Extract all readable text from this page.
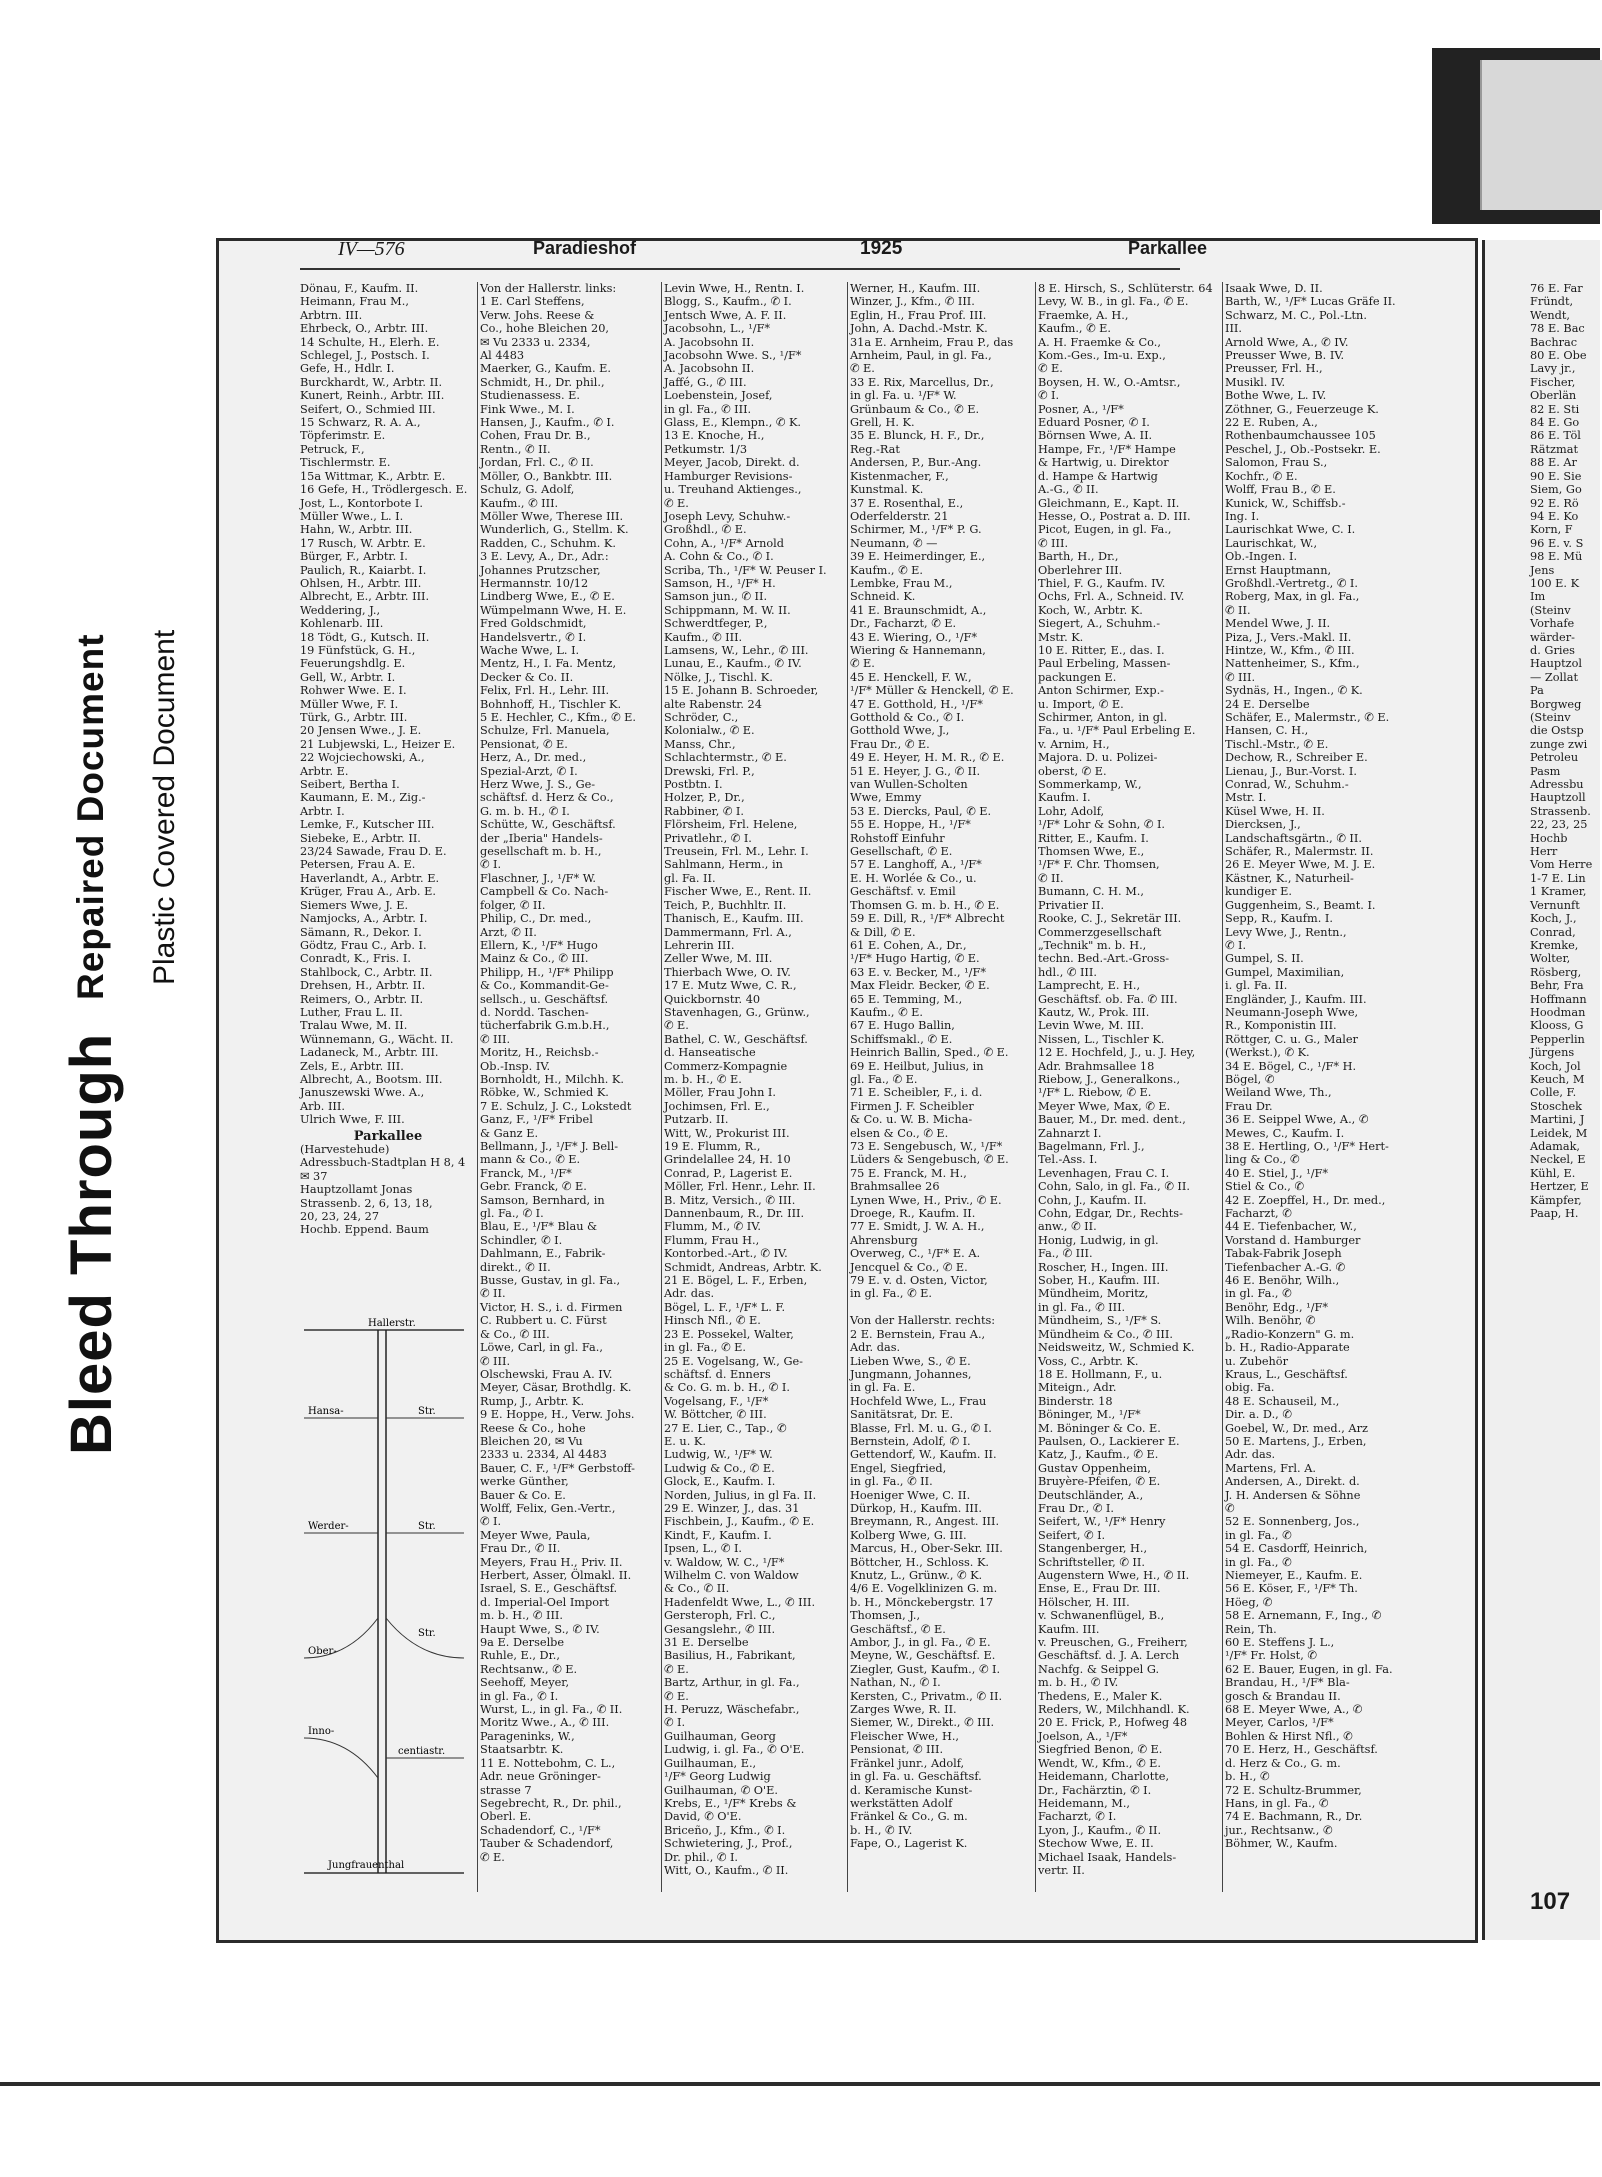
Bleed Through
Repaired Document Plastic Covered Document
IV—576	Paradieshof	1925	Parkallee
Dönau, F., Kaufm. II.
Heimann, Frau M.,
Arbtrn. III.
Ehrbeck, O., Arbtr. III.
14 Schulte, H., Elerh. E.
Schlegel, J., Postsch. I.
Gefe, H., Hdlr. I.
Burckhardt, W., Arbtr. II.
Kunert, Reinh., Arbtr. III.
Seifert, O., Schmied III.
15 Schwarz, R. A. A.,
Töpferimstr. E.
Petruck, F.,
Tischlermstr. E.
15a Wittmar, K., Arbtr. E.
16 Gefe, H., Trödlergesch. E.
Jost, L., Kontorbote I.
Müller Wwe., L. I.
Hahn, W., Arbtr. III.
17 Rusch, W. Arbtr. E.
Bürger, F., Arbtr. I.
Paulich, R., Kaiarbt. I.
Ohlsen, H., Arbtr. III.
Albrecht, E., Arbtr. III.
Weddering, J.,
Kohlenarb. III.
18 Tödt, G., Kutsch. II.
19 Fünfstück, G. H.,
Feuerungshdlg. E.
Gell, W., Arbtr. I.
Rohwer Wwe. E. I.
Müller Wwe, F. I.
Türk, G., Arbtr. III.
20 Jensen Wwe., J. E.
21 Lubjewski, L., Heizer E.
22 Wojciechowski, A.,
Arbtr. E.
Seibert, Bertha I.
Kaumann, E. M., Zig.-
Arbtr. I.
Lemke, F., Kutscher III.
Siebeke, E., Arbtr. II.
23/24 Sawade, Frau D. E.
Petersen, Frau A. E.
Haverlandt, A., Arbtr. E.
Krüger, Frau A., Arb. E.
Siemers Wwe, J. E.
Namjocks, A., Arbtr. I.
Sämann, R., Dekor. I.
Gödtz, Frau C., Arb. I.
Conradt, K., Fris. I.
Stahlbock, C., Arbtr. II.
Drehsen, H., Arbtr. II.
Reimers, O., Arbtr. II.
Luther, Frau L. II.
Tralau Wwe, M. II.
Wünnemann, G., Wächt. II.
Ladaneck, M., Arbtr. III.
Zels, E., Arbtr. III.
Albrecht, A., Bootsm. III.
Januszewski Wwe. A.,
Arb. III.
Ulrich Wwe, F. III.
Parkallee
(Harvestehude)
Adressbuch-Stadtplan H 8, 4
✉ 37
Hauptzollamt Jonas
Strassenb. 2, 6, 13, 18,
20, 23, 24, 27
Hochb. Eppend. Baum
Von der Hallerstr. links:
1 E. Carl Steffens,
Verw. Johs. Reese &
Co., hohe Bleichen 20,
✉ Vu 2333 u. 2334,
Al 4483
Maerker, G., Kaufm. E.
Schmidt, H., Dr. phil.,
Studienassess. E.
Fink Wwe., M. I.
Hansen, J., Kaufm., ✆ I.
Cohen, Frau Dr. B.,
Rentn., ✆ II.
Jordan, Frl. C., ✆ II.
Möller, O., Bankbtr. III.
Schulz, G. Adolf,
Kaufm., ✆ III.
Möller Wwe, Therese III.
Wunderlich, G., Stellm. K.
Radden, C., Schuhm. K.
3 E. Levy, A., Dr., Adr.:
Johannes Prutzscher,
Hermannstr. 10/12
Lindberg Wwe, E., ✆ E.
Wümpelmann Wwe, H. E.
Fred Goldschmidt,
Handelsvertr., ✆ I.
Wache Wwe, L. I.
Mentz, H., I. Fa. Mentz,
Decker & Co. II.
Felix, Frl. H., Lehr. III.
Bohnhoff, H., Tischler K.
5 E. Hechler, C., Kfm., ✆ E.
Schulze, Frl. Manuela,
Pensionat, ✆ E.
Herz, A., Dr. med.,
Spezial-Arzt, ✆ I.
Herz Wwe, J. S., Ge-
schäftsf. d. Herz & Co.,
G. m. b. H., ✆ I.
Schütte, W., Geschäftsf.
der „Iberia" Handels-
gesellschaft m. b. H.,
✆ I.
Flaschner, J., ¹/F* W.
Campbell & Co. Nach-
folger, ✆ II.
Philip, C., Dr. med.,
Arzt, ✆ II.
Ellern, K., ¹/F* Hugo
Mainz & Co., ✆ III.
Philipp, H., ¹/F* Philipp
& Co., Kommandit-Ge-
sellsch., u. Geschäftsf.
d. Nordd. Taschen-
tücherfabrik G.m.b.H.,
✆ III.
Moritz, H., Reichsb.-
Ob.-Insp. IV.
Bornholdt, H., Milchh. K.
Röbke, W., Schmied K.
7 E. Schulz, J. C., Lokstedt
Ganz, F., ¹/F* Fribel
& Ganz E.
Bellmann, J., ¹/F* J. Bell-
mann & Co., ✆ E.
Franck, M., ¹/F*
Gebr. Franck, ✆ E.
Samson, Bernhard, in
gl. Fa., ✆ I.
Blau, E., ¹/F* Blau &
Schindler, ✆ I.
Dahlmann, E., Fabrik-
direkt., ✆ II.
Busse, Gustav, in gl. Fa.,
✆ II.
Victor, H. S., i. d. Firmen
C. Rubbert u. C. Fürst
& Co., ✆ III.
Löwe, Carl, in gl. Fa.,
✆ III.
Olschewski, Frau A. IV.
Meyer, Cäsar, Brothdlg. K.
Rump, J., Arbtr. K.
9 E. Hoppe, H., Verw. Johs.
Reese & Co., hohe
Bleichen 20, ✉ Vu
2333 u. 2334, Al 4483
Bauer, C. F., ¹/F* Gerbstoff-
werke Günther,
Bauer & Co. E.
Wolff, Felix, Gen.-Vertr.,
✆ I.
Meyer Wwe, Paula,
Frau Dr., ✆ II.
Meyers, Frau H., Priv. II.
Herbert, Asser, Ölmakl. II.
Israel, S. E., Geschäftsf.
d. Imperial-Oel Import
m. b. H., ✆ III.
Haupt Wwe, S., ✆ IV.
9a E. Derselbe
Ruhle, E., Dr.,
Rechtsanw., ✆ E.
Seehoff, Meyer,
in gl. Fa., ✆ I.
Wurst, L., in gl. Fa., ✆ II.
Moritz Wwe., A., ✆ III.
Parageninks, W.,
Staatsarbtr. K.
11 E. Nottebohm, C. L.,
Adr. neue Gröninger-
strasse 7
Segebrecht, R., Dr. phil.,
Oberl. E.
Schadendorf, C., ¹/F*
Tauber & Schadendorf,
✆ E.
Levin Wwe, H., Rentn. I.
Blogg, S., Kaufm., ✆ I.
Jentsch Wwe, A. F. II.
Jacobsohn, L., ¹/F*
A. Jacobsohn II.
Jacobsohn Wwe. S., ¹/F*
A. Jacobsohn II.
Jaffé, G., ✆ III.
Loebenstein, Josef,
in gl. Fa., ✆ III.
Glass, E., Klempn., ✆ K.
13 E. Knoche, H.,
Petkumstr. 1/3
Meyer, Jacob, Direkt. d.
Hamburger Revisions-
u. Treuhand Aktienges.,
✆ E.
Joseph Levy, Schuhw.-
Großhdl., ✆ E.
Cohn, A., ¹/F* Arnold
A. Cohn & Co., ✆ I.
Scriba, Th., ¹/F* W. Peuser I.
Samson, H., ¹/F* H.
Samson jun., ✆ II.
Schippmann, M. W. II.
Schwerdtfeger, P.,
Kaufm., ✆ III.
Lamsens, W., Lehr., ✆ III.
Lunau, E., Kaufm., ✆ IV.
Nölke, J., Tischl. K.
15 E. Johann B. Schroeder,
alte Rabenstr. 24
Schröder, C.,
Kolonialw., ✆ E.
Manss, Chr.,
Schlachtermstr., ✆ E.
Drewski, Frl. P.,
Postbtn. I.
Holzer, P., Dr.,
Rabbiner, ✆ I.
Flörsheim, Frl. Helene,
Privatlehr., ✆ I.
Treusein, Frl. M., Lehr. I.
Sahlmann, Herm., in
gl. Fa. II.
Fischer Wwe, E., Rent. II.
Teich, P., Buchhltr. II.
Thanisch, E., Kaufm. III.
Dammermann, Frl. A.,
Lehrerin III.
Zeller Wwe, M. III.
Thierbach Wwe, O. IV.
17 E. Mutz Wwe, C. R.,
Quickbornstr. 40
Stavenhagen, G., Grünw.,
✆ E.
Bathel, C. W., Geschäftsf.
d. Hanseatische
Commerz-Kompagnie
m. b. H., ✆ E.
Möller, Frau John I.
Jochimsen, Frl. E.,
Putzarb. II.
Witt, W., Prokurist III.
19 E. Flumm, R.,
Grindelallee 24, H. 10
Conrad, P., Lagerist E.
Möller, Frl. Henr., Lehr. II.
B. Mitz, Versich., ✆ III.
Dannenbaum, R., Dr. III.
Flumm, M., ✆ IV.
Flumm, Frau H.,
Kontorbed.-Art., ✆ IV.
Schmidt, Andreas, Arbtr. K.
21 E. Bögel, L. F., Erben,
Adr. das.
Bögel, L. F., ¹/F* L. F.
Hinsch Nfl., ✆ E.
23 E. Possekel, Walter,
in gl. Fa., ✆ E.
25 E. Vogelsang, W., Ge-
schäftsf. d. Enners
& Co. G. m. b. H., ✆ I.
Vogelsang, F., ¹/F*
W. Böttcher, ✆ III.
27 E. Lier, C., Tap., ✆
E. u. K.
Ludwig, W., ¹/F* W.
Ludwig & Co., ✆ E.
Glock, E., Kaufm. I.
Norden, Julius, in gl Fa. II.
29 E. Winzer, J., das. 31
Fischbein, J., Kaufm., ✆ E.
Kindt, F., Kaufm. I.
Ipsen, L., ✆ I.
v. Waldow, W. C., ¹/F*
Wilhelm C. von Waldow
& Co., ✆ II.
Hadenfeldt Wwe, L., ✆ III.
Gersteroph, Frl. C.,
Gesangslehr., ✆ III.
31 E. Derselbe
Basilius, H., Fabrikant,
✆ E.
Bartz, Arthur, in gl. Fa.,
✆ E.
H. Peruzz, Wäschefabr.,
✆ I.
Guilhauman, Georg
Ludwig, i. gl. Fa., ✆ O'E.
Guilhauman, E.,
¹/F* Georg Ludwig
Guilhauman, ✆ O'E.
Krebs, E., ¹/F* Krebs &
David, ✆ O'E.
Briceño, J., Kfm., ✆ I.
Schwietering, J., Prof.,
Dr. phil., ✆ I.
Witt, O., Kaufm., ✆ II.
Werner, H., Kaufm. III.
Winzer, J., Kfm., ✆ III.
Eglin, H., Frau Prof. III.
John, A. Dachd.-Mstr. K.
31a E. Arnheim, Frau P., das
Arnheim, Paul, in gl. Fa.,
✆ E.
33 E. Rix, Marcellus, Dr.,
in gl. Fa. u. ¹/F* W.
Grünbaum & Co., ✆ E.
Grell, H. K.
35 E. Blunck, H. F., Dr.,
Reg.-Rat
Andersen, P., Bur.-Ang.
Kistenmacher, F.,
Kunstmal. K.
37 E. Rosenthal, E.,
Oderfelderstr. 21
Schirmer, M., ¹/F* P. G.
Neumann, ✆ —
39 E. Heimerdinger, E.,
Kaufm., ✆ E.
Lembke, Frau M.,
Schneid. K.
41 E. Braunschmidt, A.,
Dr., Facharzt, ✆ E.
43 E. Wiering, O., ¹/F*
Wiering & Hannemann,
✆ E.
45 E. Henckell, F. W.,
¹/F* Müller & Henckell, ✆ E.
47 E. Gotthold, H., ¹/F*
Gotthold & Co., ✆ I.
Gotthold Wwe, J.,
Frau Dr., ✆ E.
49 E. Heyer, H. M. R., ✆ E.
51 E. Heyer, J. G., ✆ II.
van Wullen-Scholten
Wwe, Emmy
53 E. Diercks, Paul, ✆ E.
55 E. Hoppe, H., ¹/F*
Rohstoff Einfuhr
Gesellschaft, ✆ E.
57 E. Langhoff, A., ¹/F*
E. H. Worlée & Co., u.
Geschäftsf. v. Emil
Thomsen G. m. b. H., ✆ E.
59 E. Dill, R., ¹/F* Albrecht
& Dill, ✆ E.
61 E. Cohen, A., Dr.,
¹/F* Hugo Hartig, ✆ E.
63 E. v. Becker, M., ¹/F*
Max Fleidr. Becker, ✆ E.
65 E. Temming, M.,
Kaufm., ✆ E.
67 E. Hugo Ballin,
Schiffsmakl., ✆ E.
Heinrich Ballin, Sped., ✆ E.
69 E. Heilbut, Julius, in
gl. Fa., ✆ E.
71 E. Scheibler, F., i. d.
Firmen J. F. Scheibler
& Co. u. W. B. Micha-
elsen & Co., ✆ E.
73 E. Sengebusch, W., ¹/F*
Lüders & Sengebusch, ✆ E.
75 E. Franck, M. H.,
Brahmsallee 26
Lynen Wwe, H., Priv., ✆ E.
Droege, R., Kaufm. II.
77 E. Smidt, J. W. A. H.,
Ahrensburg
Overweg, C., ¹/F* E. A.
Jencquel & Co., ✆ E.
79 E. v. d. Osten, Victor,
in gl. Fa., ✆ E.

Von der Hallerstr. rechts:
2 E. Bernstein, Frau A.,
Adr. das.
Lieben Wwe, S., ✆ E.
Jungmann, Johannes,
in gl. Fa. E.
Hochfeld Wwe, L., Frau
Sanitätsrat, Dr. E.
Blasse, Frl. M. u. G., ✆ I.
Bernstein, Adolf, ✆ I.
Gettendorf, W., Kaufm. II.
Engel, Siegfried,
in gl. Fa., ✆ II.
Hoeniger Wwe, C. II.
Dürkop, H., Kaufm. III.
Breymann, R., Angest. III.
Kolberg Wwe, G. III.
Marcus, H., Ober-Sekr. III.
Böttcher, H., Schloss. K.
Knutz, L., Grünw., ✆ K.
4/6 E. Vogelklinizen G. m.
b. H., Mönckebergstr. 17
Thomsen, J.,
Geschäftsf., ✆ E.
Ambor, J., in gl. Fa., ✆ E.
Meyne, W., Geschäftsf. E.
Ziegler, Gust, Kaufm., ✆ I.
Nathan, N., ✆ I.
Kersten, C., Privatm., ✆ II.
Zarges Wwe, R. II.
Siemer, W., Direkt., ✆ III.
Fleischer Wwe, H.,
Pensionat, ✆ III.
Fränkel junr., Adolf,
in gl. Fa. u. Geschäftsf.
d. Keramische Kunst-
werkstätten Adolf
Fränkel & Co., G. m.
b. H., ✆ IV.
Fape, O., Lagerist K.
8 E. Hirsch, S., Schlüterstr. 64
Levy, W. B., in gl. Fa., ✆ E.
Fraemke, A. H.,
Kaufm., ✆ E.
A. H. Fraemke & Co.,
Kom.-Ges., Im-u. Exp.,
✆ E.
Boysen, H. W., O.-Amtsr.,
✆ I.
Posner, A., ¹/F*
Eduard Posner, ✆ I.
Börnsen Wwe, A. II.
Hampe, Fr., ¹/F* Hampe
& Hartwig, u. Direktor
d. Hampe & Hartwig
A.-G., ✆ II.
Gleichmann, E., Kapt. II.
Hesse, O., Postrat a. D. III.
Picot, Eugen, in gl. Fa.,
✆ III.
Barth, H., Dr.,
Oberlehrer III.
Thiel, F. G., Kaufm. IV.
Ochs, Frl. A., Schneid. IV.
Koch, W., Arbtr. K.
Siegert, A., Schuhm.-
Mstr. K.
10 E. Ritter, E., das. I.
Paul Erbeling, Massen-
packungen E.
Anton Schirmer, Exp.-
u. Import, ✆ E.
Schirmer, Anton, in gl.
Fa., u. ¹/F* Paul Erbeling E.
v. Arnim, H.,
Majora. D. u. Polizei-
oberst, ✆ E.
Sommerkamp, W.,
Kaufm. I.
Lohr, Adolf,
¹/F* Lohr & Sohn, ✆ I.
Ritter, E., Kaufm. I.
Thomsen Wwe, E.,
¹/F* F. Chr. Thomsen,
✆ II.
Bumann, C. H. M.,
Privatier II.
Rooke, C. J., Sekretär III.
Commerzgesellschaft
„Technik" m. b. H.,
techn. Bed.-Art.-Gross-
hdl., ✆ III.
Lamprecht, E. H.,
Geschäftsf. ob. Fa. ✆ III.
Kautz, W., Prok. III.
Levin Wwe, M. III.
Nissen, L., Tischler K.
12 E. Hochfeld, J., u. J. Hey,
Adr. Brahmsallee 18
Riebow, J., Generalkons.,
¹/F* L. Riebow, ✆ E.
Meyer Wwe, Max, ✆ E.
Bauer, M., Dr. med. dent.,
Zahnarzt I.
Bagelmann, Frl. J.,
Tel.-Ass. I.
Levenhagen, Frau C. I.
Cohn, Salo, in gl. Fa., ✆ II.
Cohn, J., Kaufm. II.
Cohn, Edgar, Dr., Rechts-
anw., ✆ II.
Honig, Ludwig, in gl.
Fa., ✆ III.
Roscher, H., Ingen. III.
Sober, H., Kaufm. III.
Mündheim, Moritz,
in gl. Fa., ✆ III.
Mündheim, S., ¹/F* S.
Mündheim & Co., ✆ III.
Neidsweitz, W., Schmied K.
Voss, C., Arbtr. K.
18 E. Hollmann, F., u.
Miteign., Adr.
Binderstr. 18
Böninger, M., ¹/F*
M. Böninger & Co. E.
Paulsen, O., Lackierer E.
Katz, J., Kaufm., ✆ E.
Gustav Oppenheim,
Bruyère-Pfeifen, ✆ E.
Deutschländer, A.,
Frau Dr., ✆ I.
Seifert, W., ¹/F* Henry
Seifert, ✆ I.
Stangenberger, H.,
Schriftsteller, ✆ II.
Augenstern Wwe, H., ✆ II.
Ense, E., Frau Dr. III.
Hölscher, H. III.
v. Schwanenflügel, B.,
Kaufm. III.
v. Preuschen, G., Freiherr,
Geschäftsf. d. J. A. Lerch
Nachfg. & Seippel G.
m. b. H., ✆ IV.
Thedens, E., Maler K.
Reders, W., Milchhandl. K.
20 E. Frick, P., Hofweg 48
Joelson, A., ¹/F*
Siegfried Benon, ✆ E.
Wendt, W., Kfm., ✆ E.
Heidemann, Charlotte,
Dr., Fachärztin, ✆ I.
Heidemann, M.,
Facharzt, ✆ I.
Lyon, J., Kaufm., ✆ II.
Stechow Wwe, E. II.
Michael Isaak, Handels-
vertr. II.
Isaak Wwe, D. II.
Barth, W., ¹/F* Lucas Gräfe II.
Schwarz, M. C., Pol.-Ltn.
III.
Arnold Wwe, A., ✆ IV.
Preusser Wwe, B. IV.
Preusser, Frl. H.,
Musikl. IV.
Bothe Wwe, L. IV.
Zöthner, G., Feuerzeuge K.
22 E. Ruben, A.,
Rothenbaumchaussee 105
Peschel, J., Ob.-Postsekr. E.
Salomon, Frau S.,
Kochfr., ✆ E.
Wolff, Frau B., ✆ E.
Kunick, W., Schiffsb.-
Ing. I.
Laurischkat Wwe, C. I.
Laurischkat, W.,
Ob.-Ingen. I.
Ernst Hauptmann,
Großhdl.-Vertretg., ✆ I.
Roberg, Max, in gl. Fa.,
✆ II.
Mendel Wwe, J. II.
Piza, J., Vers.-Makl. II.
Hintze, W., Kfm., ✆ III.
Nattenheimer, S., Kfm.,
✆ III.
Sydnäs, H., Ingen., ✆ K.
24 E. Derselbe
Schäfer, E., Malermstr., ✆ E.
Hansen, C. H.,
Tischl.-Mstr., ✆ E.
Dechow, R., Schreiber E.
Lienau, J., Bur.-Vorst. I.
Conrad, W., Schuhm.-
Mstr. I.
Küsel Wwe, H. II.
Diercksen, J.,
Landschaftsgärtn., ✆ II.
Schäfer, R., Malermstr. II.
26 E. Meyer Wwe, M. J. E.
Kästner, K., Naturheil-
kundiger E.
Guggenheim, S., Beamt. I.
Sepp, R., Kaufm. I.
Levy Wwe, J., Rentn.,
✆ I.
Gumpel, S. II.
Gumpel, Maximilian,
i. gl. Fa. II.
Engländer, J., Kaufm. III.
Neumann-Joseph Wwe,
R., Komponistin III.
Röttger, C. u. G., Maler
(Werkst.), ✆ K.
34 E. Bögel, C., ¹/F* H.
Bögel, ✆
Weiland Wwe, Th.,
Frau Dr.
36 E. Seippel Wwe, A., ✆
Mewes, C., Kaufm. I.
38 E. Hertling, O., ¹/F* Hert-
ling & Co., ✆
40 E. Stiel, J., ¹/F*
Stiel & Co., ✆
42 E. Zoepffel, H., Dr. med.,
Facharzt, ✆
44 E. Tiefenbacher, W.,
Vorstand d. Hamburger
Tabak-Fabrik Joseph
Tiefenbacher A.-G. ✆
46 E. Benöhr, Wilh.,
in gl. Fa., ✆
Benöhr, Edg., ¹/F*
Wilh. Benöhr, ✆
„Radio-Konzern" G. m.
b. H., Radio-Apparate
u. Zubehör
Kraus, L., Geschäftsf.
obig. Fa.
48 E. Schauseil, M.,
Dir. a. D., ✆
Goebel, W., Dr. med., Arz
50 E. Martens, J., Erben,
Adr. das.
Martens, Frl. A.
Andersen, A., Direkt. d.
J. H. Andersen & Söhne
✆
52 E. Sonnenberg, Jos.,
in gl. Fa., ✆
54 E. Casdorff, Heinrich,
in gl. Fa., ✆
Niemeyer, E., Kaufm. E.
56 E. Köser, F., ¹/F* Th.
Höeg, ✆
58 E. Arnemann, F., Ing., ✆
Rein, Th.
60 E. Steffens J. L.,
¹/F* Fr. Holst, ✆
62 E. Bauer, Eugen, in gl. Fa.
Brandau, H., ¹/F* Bla-
gosch & Brandau II.
68 E. Meyer Wwe, A., ✆
Meyer, Carlos, ¹/F*
Bohlen & Hirst Nfl., ✆
70 E. Herz, H., Geschäftsf.
d. Herz & Co., G. m.
b. H., ✆
72 E. Schultz-Brummer,
Hans, in gl. Fa., ✆
74 E. Bachmann, R., Dr.
jur., Rechtsanw., ✆
Böhmer, W., Kaufm.
Hallerstr.
Hansa-	Str.
Werder-	Str.
Ober-
Str.
Inno-
centiastr.
Jungfrauenthal
76 E. Far
Fründt,
Wendt,
78 E. Bac
Bachrac
80 E. Obe
Lavy jr.,
Fischer,
Oberlän
82 E. Sti
84 E. Go
86 E. Töl
Rätzmat
88 E. Ar
90 E. Sie
Siem, Go
92 E. Rö
94 E. Ko
Korn, F
96 E. v. S
98 E. Mü
Jens
100 E. K
Im
(Steinv
Vorhafe
wärder-
d. Gries
Hauptzol
— Zollat
Pa
Borgweg
(Steinv
die Ostsp
zunge zwi
Petroleu
Pasm
Adressbu
Hauptzoll
Strassenb.
22, 23, 25
Hochb
Herr
Vom Herre
1-7 E. Lin
1 Kramer,
Vernunft
Koch, J.,
Conrad,
Kremke,
Wolter,
Rösberg,
Behr, Fra
Hoffmann
Hoodman
Klooss, G
Pepperlin
Jürgens
Koch, Jol
Keuch, M
Colle, F.
Stoschek
Martini, J
Leidek, M
Adamak,
Neckel, E
Kühl, E.
Hertzer, E
Kämpfer,
Paap, H.
107
